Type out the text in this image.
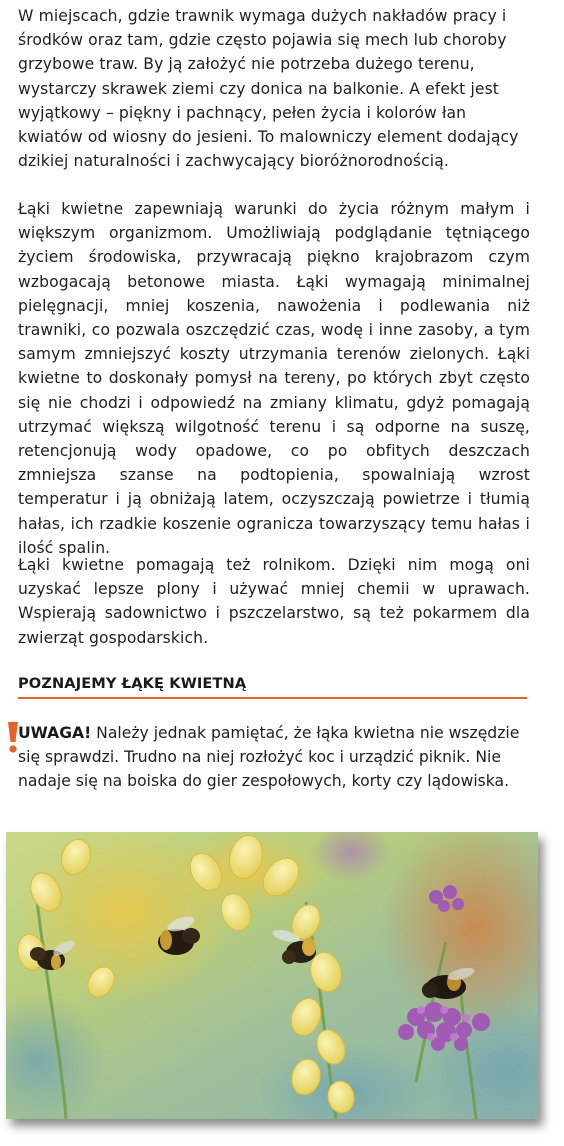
W miejscach, gdzie trawnik wymaga dużych nakładów pracy i środków oraz tam, gdzie często pojawia się mech lub choroby grzybowe traw. By ją założyć nie potrzeba dużego terenu, wystarczy skrawek ziemi czy donica na balkonie. A efekt jest wyjątkowy – piękny i pachnący, pełen życia i kolorów łan kwiatów od wiosny do jesieni. To malowniczy element dodający dzikiej naturalności i zachwycający bioróżnorodnością.

Łąki kwietne zapewniają warunki do życia różnym małym i większym organizmom. Umożliwiają podglądanie tętniącego życiem środowiska, przywracają piękno krajobrazom czym wzbogacają betonowe miasta. Łąki wymagają minimalnej pielęgnacji, mniej koszenia, nawożenia i podlewania niż trawniki, co pozwala oszczędzić czas, wodę i inne zasoby, a tym samym zmniejszyć koszty utrzymania terenów zielonych. Łąki kwietne to doskonały pomysł na tereny, po których zbyt często się nie chodzi i odpowiedź na zmiany klimatu, gdyż pomagają utrzymać większą wilgotność terenu i są odporne na suszę, retencjonują wody opadowe, co po obfitych deszczach zmniejsza szanse na podtopienia, spowalniają wzrost temperatur i ją obniżają latem, oczyszczają powietrze i tłumią hałas, ich rzadkie koszenie ogranicza towarzyszący temu hałas i ilość spalin.

Łąki kwietne pomagają też rolnikom. Dzięki nim mogą oni uzyskać lepsze plony i używać mniej chemii w uprawach. Wspierają sadownictwo i pszczelarstwo, są też pokarmem dla zwierząt gospodarskich.

POZNAJEMY ŁĄKĘ KWIETNĄ

UWAGA! Należy jednak pamiętać, że łąka kwietna nie wszędzie się sprawdzi. Trudno na niej rozłożyć koc i urządzić piknik. Nie nadaje się na boiska do gier zespołowych, korty czy lądowiska.
